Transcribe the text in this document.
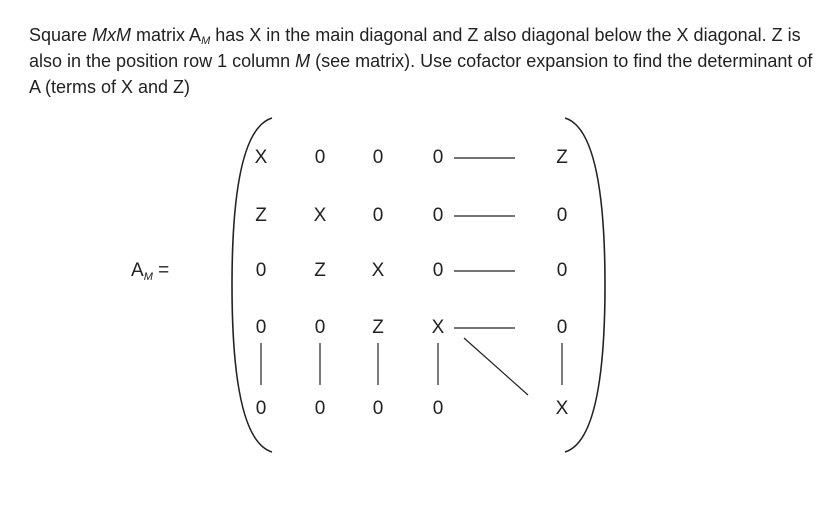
Square MxM matrix $A_M$ has X in the main diagonal and Z also diagonal below the X diagonal. Z is also in the position row 1 column M (see matrix). Use cofactor expansion to find the determinant of A (terms of X and Z)

$A_M$ =
X	0	0	0	Z
Z	X	0	0	0
0	Z	X	0	0
0	0	Z	X	0
0	0	0	0	X
